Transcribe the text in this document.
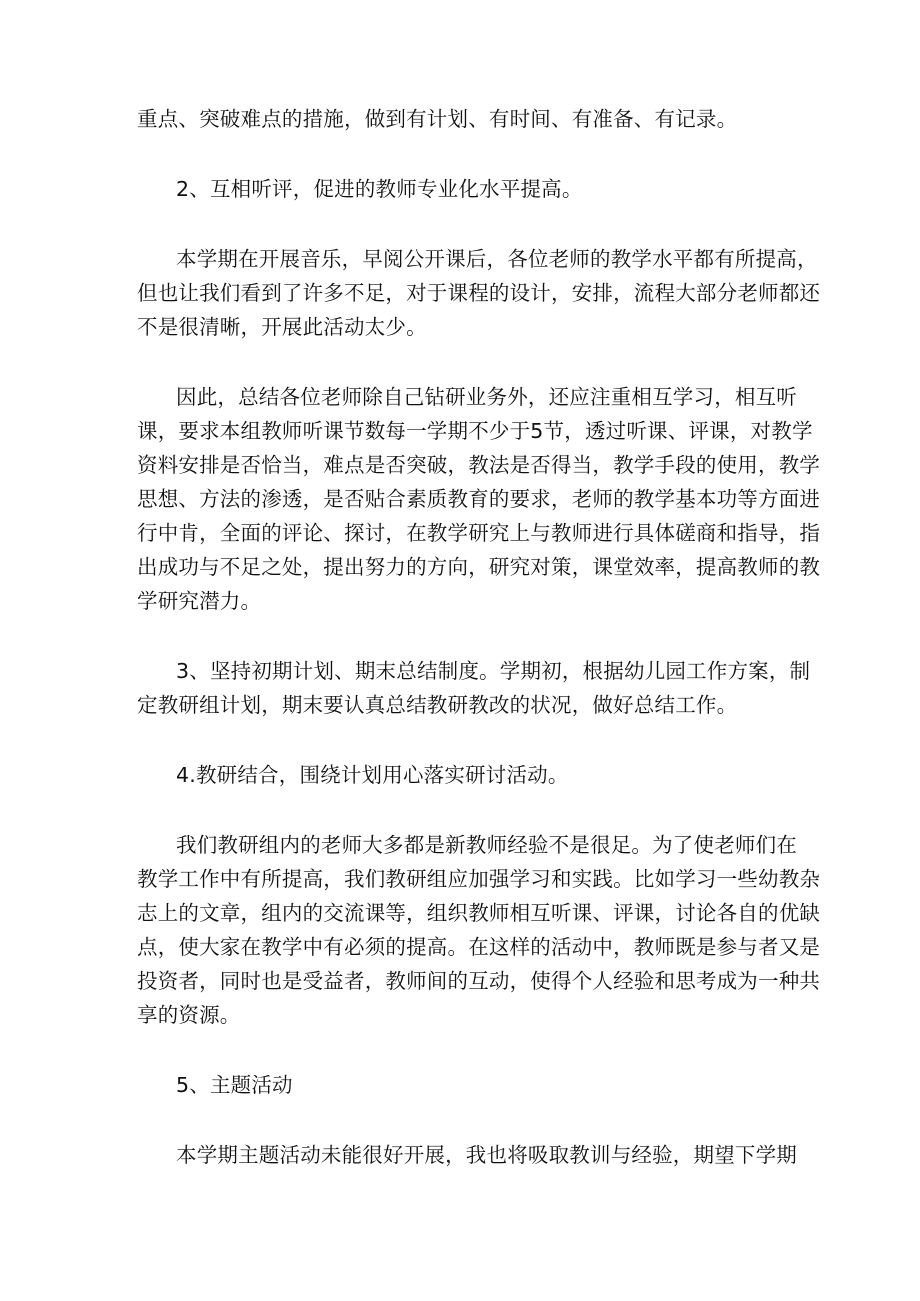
重点、突破难点的措施，做到有计划、有时间、有准备、有记录。
2、互相听评，促进的教师专业化水平提高。
本学期在开展音乐，早阅公开课后，各位老师的教学水平都有所提高，
但也让我们看到了许多不足，对于课程的设计，安排，流程大部分老师都还
不是很清晰，开展此活动太少。
因此，总结各位老师除自己钻研业务外，还应注重相互学习，相互听
课，要求本组教师听课节数每一学期不少于5节，透过听课、评课，对教学
资料安排是否恰当，难点是否突破，教法是否得当，教学手段的使用，教学
思想、方法的渗透，是否贴合素质教育的要求，老师的教学基本功等方面进
行中肯，全面的评论、探讨，在教学研究上与教师进行具体磋商和指导，指
出成功与不足之处，提出努力的方向，研究对策，课堂效率，提高教师的教
学研究潜力。
3、坚持初期计划、期末总结制度。学期初，根据幼儿园工作方案，制
定教研组计划，期末要认真总结教研教改的状况，做好总结工作。
4.教研结合，围绕计划用心落实研讨活动。
我们教研组内的老师大多都是新教师经验不是很足。为了使老师们在
教学工作中有所提高，我们教研组应加强学习和实践。比如学习一些幼教杂
志上的文章，组内的交流课等，组织教师相互听课、评课，讨论各自的优缺
点，使大家在教学中有必须的提高。在这样的活动中，教师既是参与者又是
投资者，同时也是受益者，教师间的互动，使得个人经验和思考成为一种共
享的资源。
5、主题活动
本学期主题活动未能很好开展，我也将吸取教训与经验，期望下学期
